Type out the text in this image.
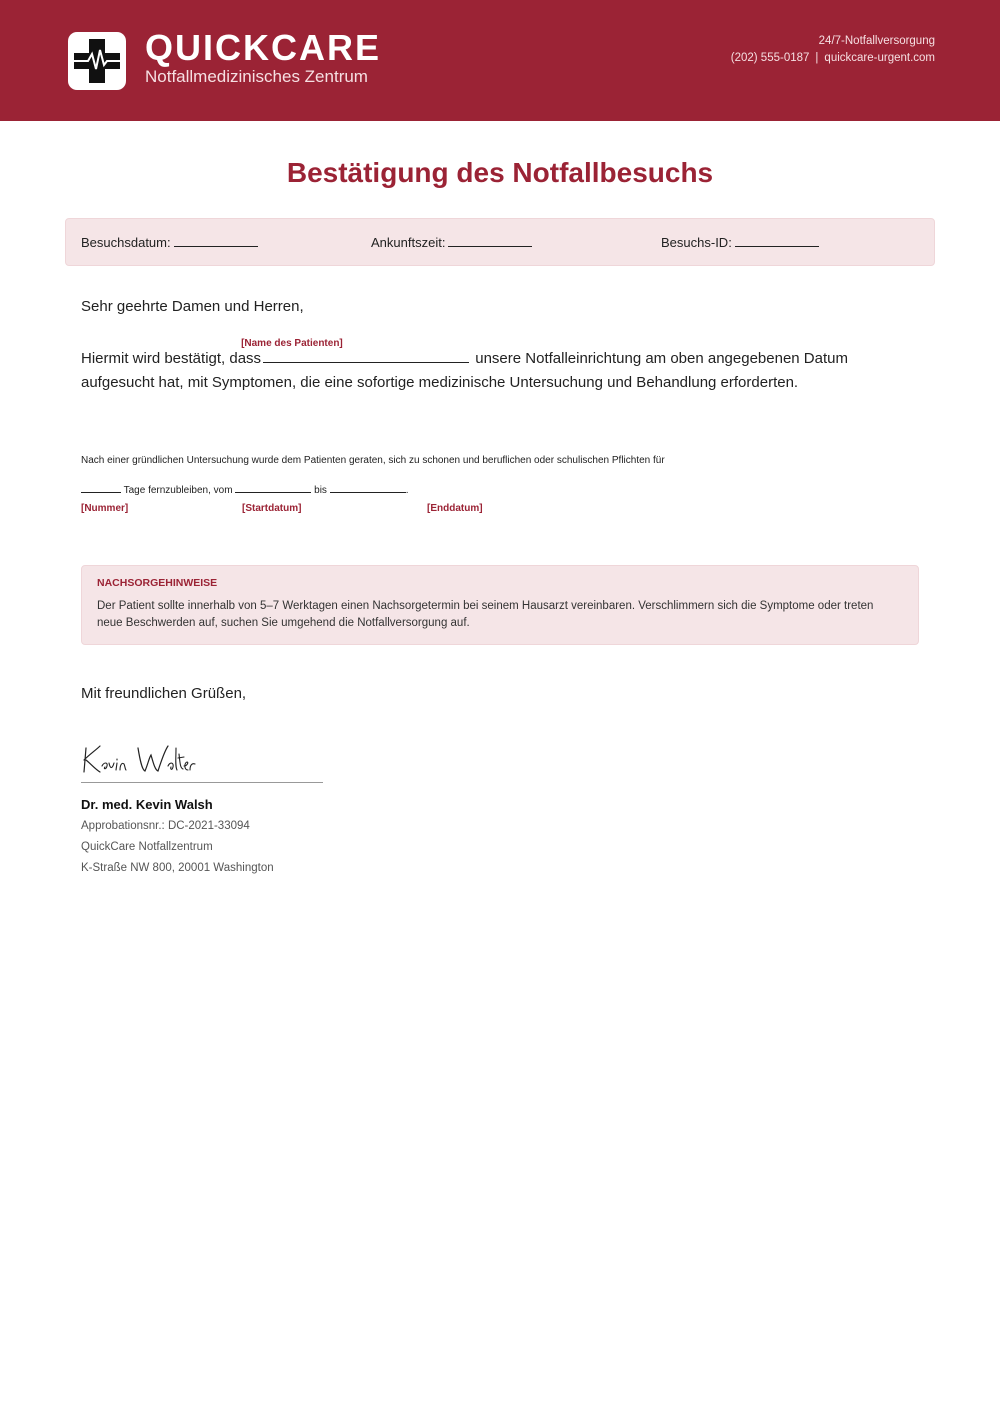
QUICKCARE
Notfallmedizinisches Zentrum
24/7-Notfallversorgung
(202) 555-0187 | quickcare-urgent.com
Bestätigung des Notfallbesuchs
Besuchsdatum:	Ankunftszeit:	Besuchs-ID:
Sehr geehrte Damen und Herren,
Hiermit wird bestätigt, dass
[Name des Patienten]
unsere Notfalleinrichtung am oben angegebenen Datum aufgesucht hat, mit Symptomen, die eine sofortige medizinische Untersuchung und Behandlung erforderten.
Nach einer gründlichen Untersuchung wurde dem Patienten geraten, sich zu schonen und beruflichen oder schulischen Pflichten für
Tage fernzubleiben, vom	bis	.
[Nummer]	[Startdatum]	[Enddatum]
NACHSORGEHINWEISE
Der Patient sollte innerhalb von 5–7 Werktagen einen Nachsorgetermin bei seinem Hausarzt vereinbaren. Verschlimmern sich die Symptome oder treten neue Beschwerden auf, suchen Sie umgehend die Notfallversorgung auf.
Mit freundlichen Grüßen,
Dr. med. Kevin Walsh
Approbationsnr.: DC-2021-33094
QuickCare Notfallzentrum
K-Straße NW 800, 20001 Washington
